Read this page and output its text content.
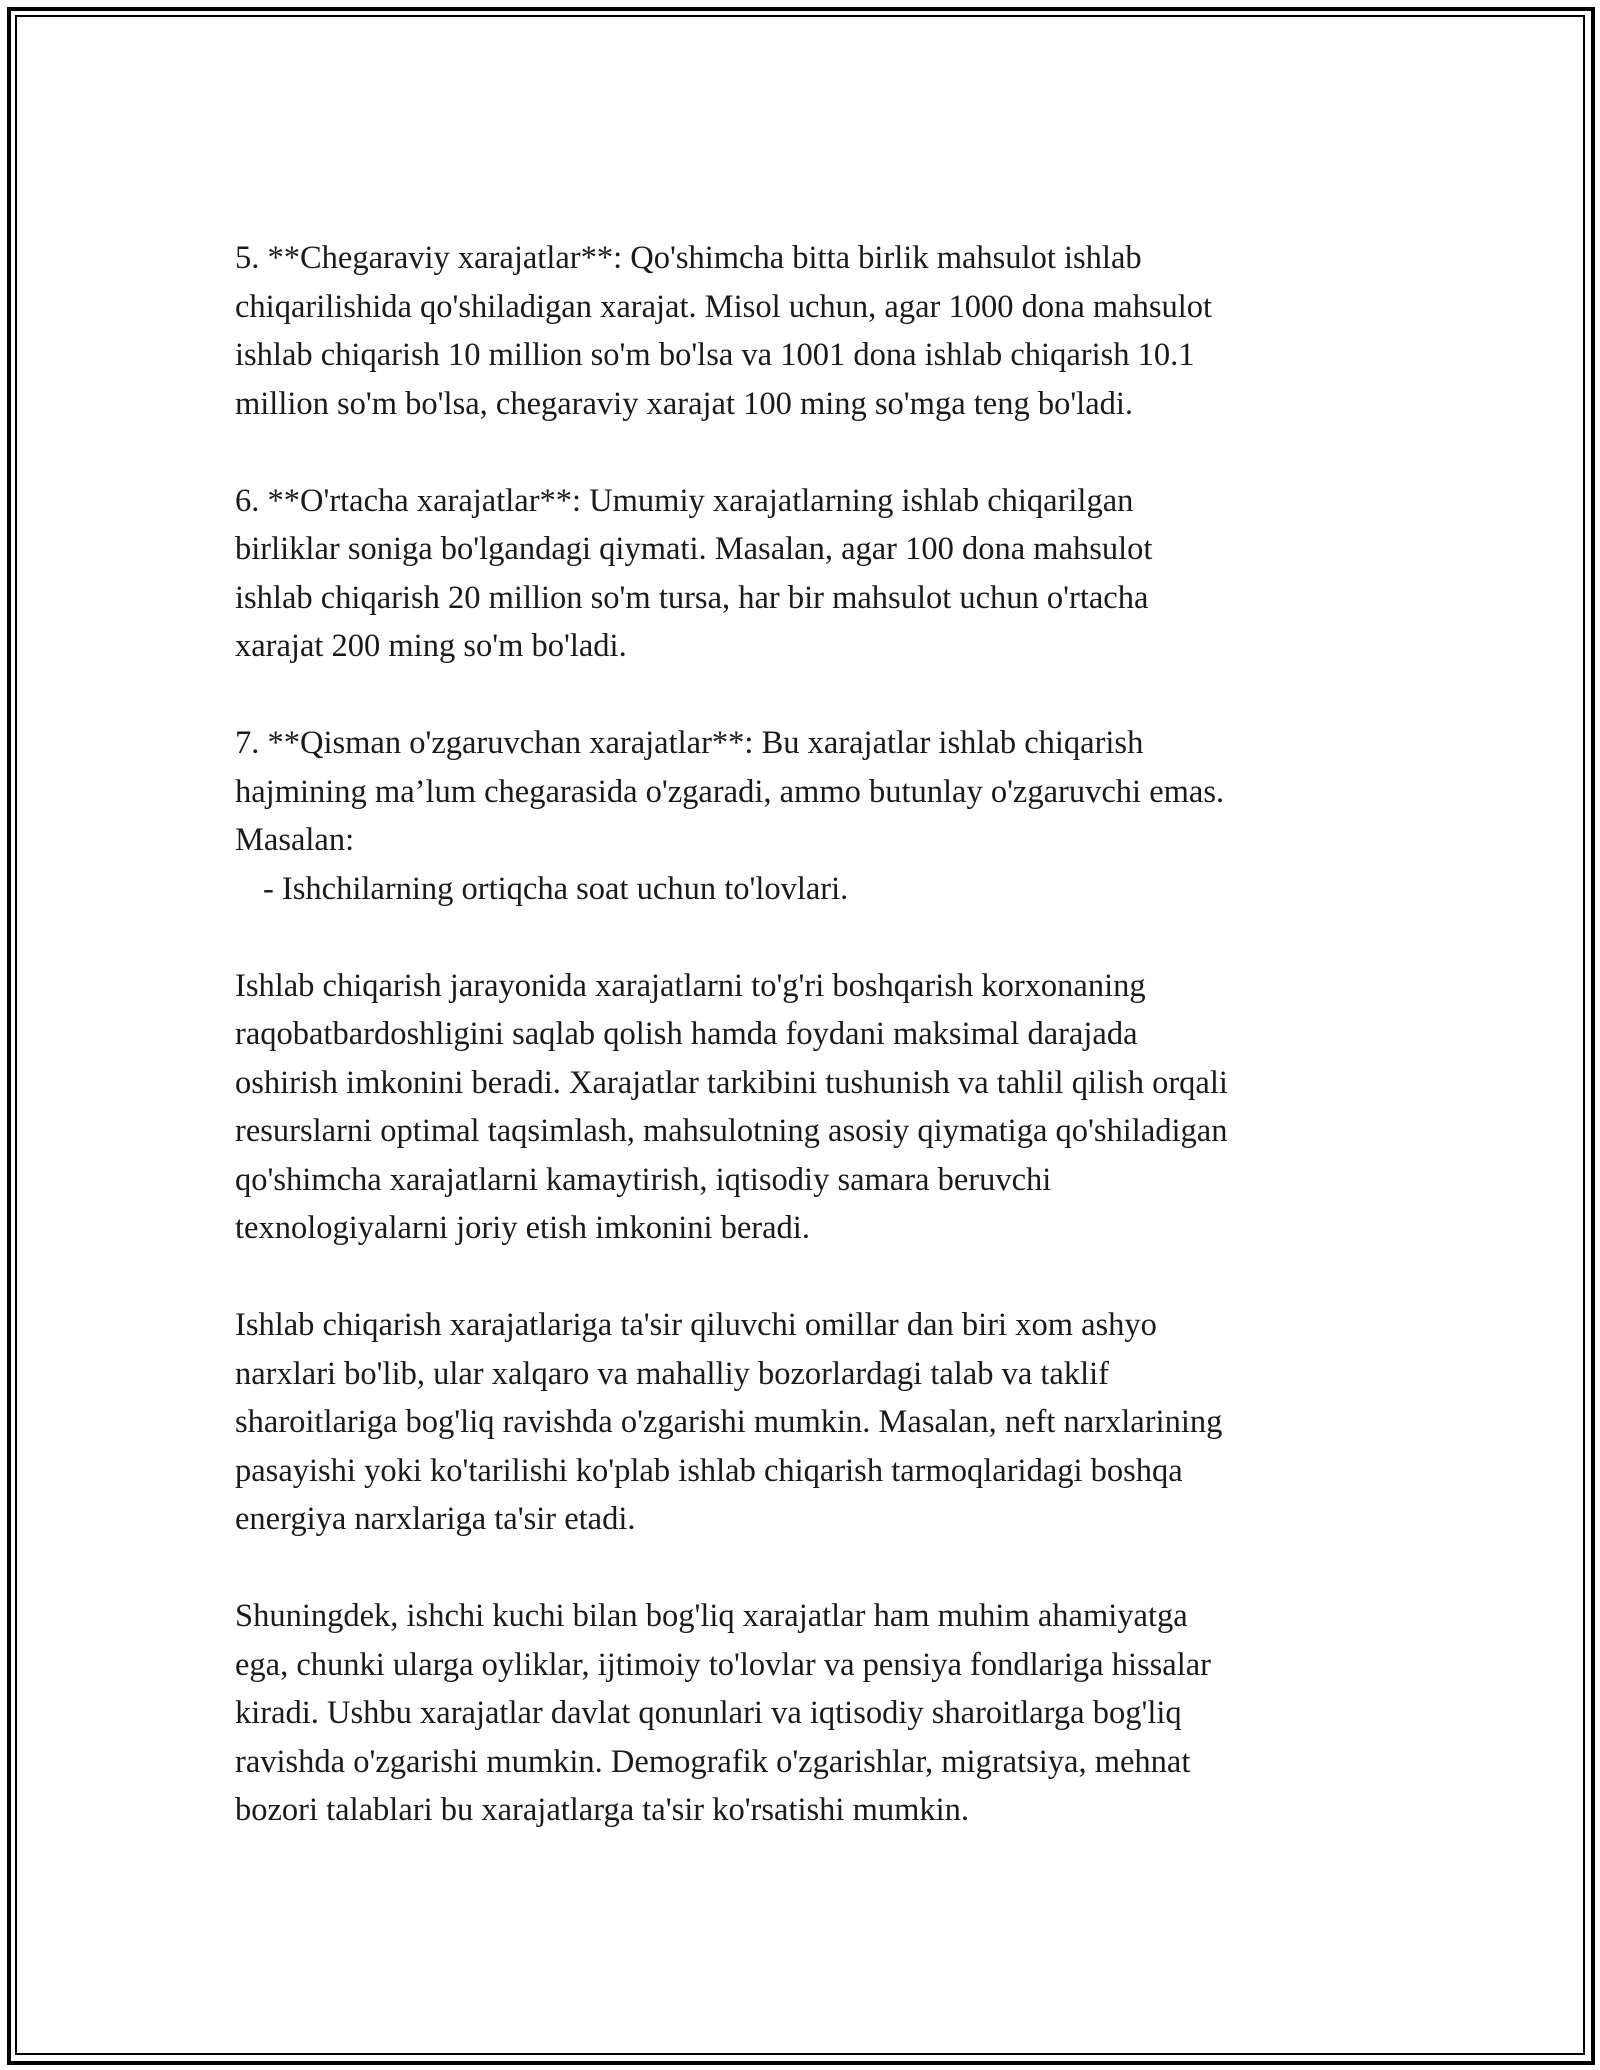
5. **Chegaraviy xarajatlar**: Qo'shimcha bitta birlik mahsulot ishlab
chiqarilishida qo'shiladigan xarajat. Misol uchun, agar 1000 dona mahsulot
ishlab chiqarish 10 million so'm bo'lsa va 1001 dona ishlab chiqarish 10.1
million so'm bo'lsa, chegaraviy xarajat 100 ming so'mga teng bo'ladi.

6. **O'rtacha xarajatlar**: Umumiy xarajatlarning ishlab chiqarilgan
birliklar soniga bo'lgandagi qiymati. Masalan, agar 100 dona mahsulot
ishlab chiqarish 20 million so'm tursa, har bir mahsulot uchun o'rtacha
xarajat 200 ming so'm bo'ladi.

7. **Qisman o'zgaruvchan xarajatlar**: Bu xarajatlar ishlab chiqarish
hajmining ma’lum chegarasida o'zgaradi, ammo butunlay o'zgaruvchi emas.
Masalan:
- Ishchilarning ortiqcha soat uchun to'lovlari.

Ishlab chiqarish jarayonida xarajatlarni to'g'ri boshqarish korxonaning
raqobatbardoshligini saqlab qolish hamda foydani maksimal darajada
oshirish imkonini beradi. Xarajatlar tarkibini tushunish va tahlil qilish orqali
resurslarni optimal taqsimlash, mahsulotning asosiy qiymatiga qo'shiladigan
qo'shimcha xarajatlarni kamaytirish, iqtisodiy samara beruvchi
texnologiyalarni joriy etish imkonini beradi.

Ishlab chiqarish xarajatlariga ta'sir qiluvchi omillar dan biri xom ashyo
narxlari bo'lib, ular xalqaro va mahalliy bozorlardagi talab va taklif
sharoitlariga bog'liq ravishda o'zgarishi mumkin. Masalan, neft narxlarining
pasayishi yoki ko'tarilishi ko'plab ishlab chiqarish tarmoqlaridagi boshqa
energiya narxlariga ta'sir etadi.

Shuningdek, ishchi kuchi bilan bog'liq xarajatlar ham muhim ahamiyatga
ega, chunki ularga oyliklar, ijtimoiy to'lovlar va pensiya fondlariga hissalar
kiradi. Ushbu xarajatlar davlat qonunlari va iqtisodiy sharoitlarga bog'liq
ravishda o'zgarishi mumkin. Demografik o'zgarishlar, migratsiya, mehnat
bozori talablari bu xarajatlarga ta'sir ko'rsatishi mumkin.
